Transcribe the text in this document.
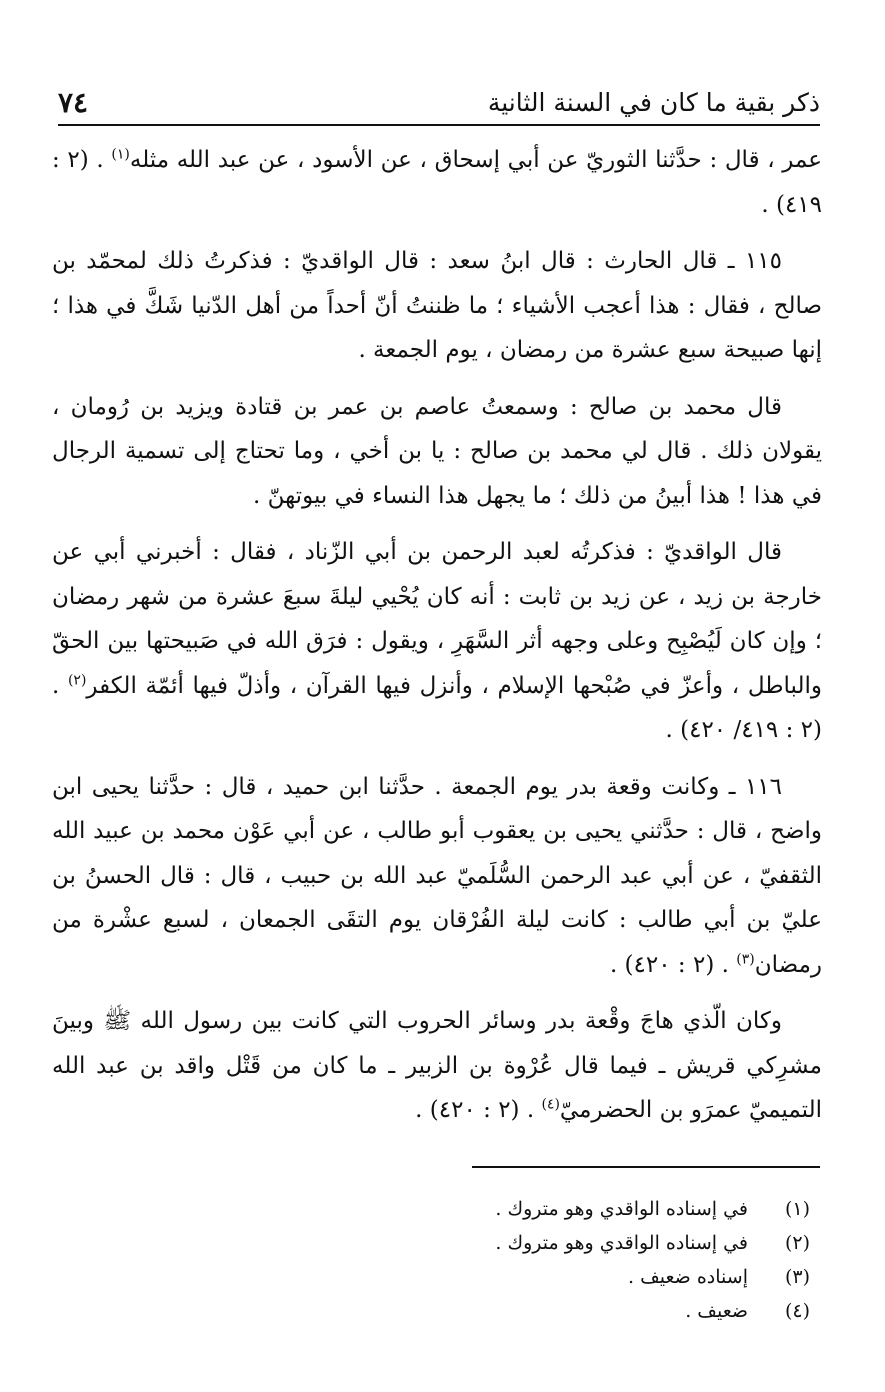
ذكر بقية ما كان في السنة الثانية
٧٤

عمر ، قال : حدَّثنا الثوريّ عن أبي إسحاق ، عن الأسود ، عن عبد الله مثله$^{(١)}$ . (٢ : ٤١٩) .

١١٥ ـ قال الحارث : قال ابنُ سعد : قال الواقديّ : فذكرتُ ذلك لمحمّد بن صالح ، فقال : هذا أعجب الأشياء ؛ ما ظننتُ أنّ أحداً من أهل الدّنيا شَكَّ في هذا ؛ إنها صبيحة سبع عشرة من رمضان ، يوم الجمعة .

قال محمد بن صالح : وسمعتُ عاصم بن عمر بن قتادة ويزيد بن رُومان ، يقولان ذلك . قال لي محمد بن صالح : يا بن أخي ، وما تحتاج إلى تسمية الرجال في هذا ! هذا أبينُ من ذلك ؛ ما يجهل هذا النساء في بيوتهنّ .

قال الواقديّ : فذكرتُه لعبد الرحمن بن أبي الزّناد ، فقال : أخبرني أبي عن خارجة بن زيد ، عن زيد بن ثابت : أنه كان يُحْيي ليلةَ سبعَ عشرة من شهر رمضان ؛ وإن كان لَيُصْبِح وعلى وجهه أثر السَّهَرِ ، ويقول : فرَق الله في صَبيحتها بين الحقّ والباطل ، وأعزّ في صُبْحها الإسلام ، وأنزل فيها القرآن ، وأذلّ فيها أئمّة الكفر$^{(٢)}$ . (٢ : ٤١٩/ ٤٢٠) .

١١٦ ـ وكانت وقعة بدر يوم الجمعة . حدَّثنا ابن حميد ، قال : حدَّثنا يحيى ابن واضح ، قال : حدَّثني يحيى بن يعقوب أبو طالب ، عن أبي عَوْن محمد بن عبيد الله الثقفيّ ، عن أبي عبد الرحمن السُّلَميّ عبد الله بن حبيب ، قال : قال الحسنُ بن عليّ بن أبي طالب : كانت ليلة الفُرْقان يوم التقَى الجمعان ، لسبع عشْرة من رمضان$^{(٣)}$ . (٢ : ٤٢٠) .

وكان الّذي هاجَ وقْعة بدر وسائر الحروب التي كانت بين رسول الله ﷺ وبينَ مشرِكي قريش ـ فيما قال عُرْوة بن الزبير ـ ما كان من قَتْل واقد بن عبد الله التميميّ عمرَو بن الحضرميّ$^{(٤)}$ . (٢ : ٤٢٠) .

(١)في إسناده الواقدي وهو متروك .
(٢)في إسناده الواقدي وهو متروك .
(٣)إسناده ضعيف .
(٤)ضعيف .
